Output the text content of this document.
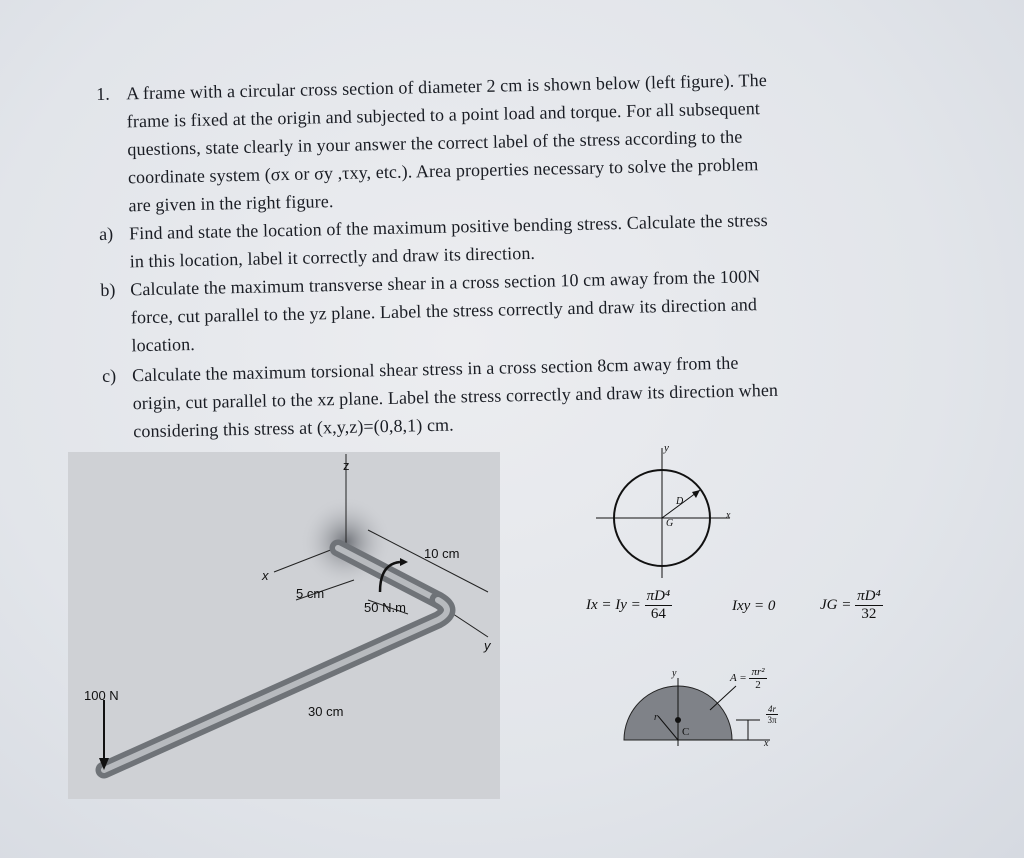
1. A frame with a circular cross section of diameter 2 cm is shown below (left figure). The
frame is fixed at the origin and subjected to a point load and torque. For all subsequent
questions, state clearly in your answer the correct label of the stress according to the
coordinate system (σx or σy ,τxy, etc.). Area properties necessary to solve the problem
are given in the right figure.
a) Find and state the location of the maximum positive bending stress. Calculate the stress
in this location, label it correctly and draw its direction.
b) Calculate the maximum transverse shear in a cross section 10 cm away from the 100N
force, cut parallel to the yz plane. Label the stress correctly and draw its direction and
location.
c) Calculate the maximum torsional shear stress in a cross section 8cm away from the
origin, cut parallel to the xz plane. Label the stress correctly and draw its direction when
considering this stress at (x,y,z)=(0,8,1) cm.
z
x
y
10 cm
5 cm
50 N.m
30 cm
100 N
y
D
G
x
$Ix = Iy = \frac{\text{πD⁴}}{64}$	Ixy = 0	JG = $\frac{\text{πD⁴}}{32}$
y	$A = \frac{\text{πr²}}{2}$
r
C
$\frac{4r}{3\pi}$
x
